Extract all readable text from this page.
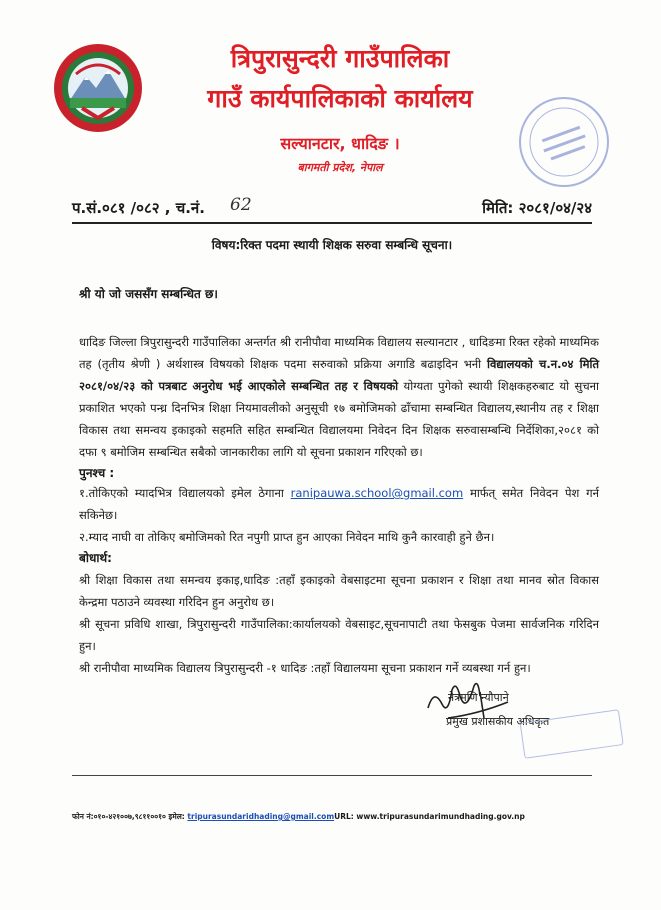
त्रिपुरासुन्दरी गाउँपालिका
गाउँ कार्यपालिकाको कार्यालय
सल्यानटार, धादिङ ।
बागमती प्रदेश, नेपाल
प.सं.०८१ /०८२ , च.नं. 62	मिति: २०८१/०४/२४
विषय:रिक्त पदमा स्थायी शिक्षक सरुवा सम्बन्धि सूचना।
श्री यो जो जससँग सम्बन्धित छ।
धादिङ जिल्ला त्रिपुरासुन्दरी गाउँपालिका अन्तर्गत श्री रानीपौवा माध्यमिक विद्यालय सल्यानटार , धादिङमा रिक्त रहेको माध्यमिक तह (तृतीय श्रेणी ) अर्थशास्त्र विषयको शिक्षक पदमा सरुवाको प्रक्रिया अगाडि बढाइदिन भनी विद्यालयको च.न.०४ मिति २०८१/०४/२३ को पत्रबाट अनुरोध भई आएकोले सम्बन्धित तह र विषयको योग्यता पुगेको स्थायी शिक्षकहरुबाट यो सुचना प्रकाशित भएको पन्ध्र दिनभित्र शिक्षा नियमावलीको अनुसूची १७ बमोजिमको ढाँचामा सम्बन्धित विद्यालय,स्थानीय तह र शिक्षा विकास तथा समन्वय इकाइको सहमति सहित सम्बन्धित विद्यालयमा निवेदन दिन शिक्षक सरुवासम्बन्धि निर्देशिका,२०८१ को दफा ९ बमोजिम सम्बन्धित सबैको जानकारीका लागि यो सूचना प्रकाशन गरिएको छ।
पुनश्च :
१.तोकिएको म्यादभित्र विद्यालयको इमेल ठेगाना ranipauwa.school@gmail.com मार्फत् समेत निवेदन पेश गर्न सकिनेछ।
२.म्याद नाघी वा तोकिए बमोजिमको रित नपुगी प्राप्त हुन आएका निवेदन माथि कुनै कारवाही हुने छैन।
बोधार्थ:
श्री शिक्षा विकास तथा समन्वय इकाइ,धादिङ :तहाँ इकाइको वेबसाइटमा सूचना प्रकाशन र शिक्षा तथा मानव स्रोत विकास केन्द्रमा पठाउने व्यवस्था गरिदिन हुन अनुरोध छ।
श्री सूचना प्रविधि शाखा, त्रिपुरासुन्दरी गाउँपालिका:कार्यालयको वेबसाइट,सूचनापाटी तथा फेसबुक पेजमा सार्वजनिक गरिदिन हुन।
श्री रानीपौवा माध्यमिक विद्यालय त्रिपुरासुन्दरी -१ धादिङ :तहाँ विद्यालयमा सूचना प्रकाशन गर्ने व्यबस्था गर्न हुन।
नेत्रमणि न्यौपाने
प्रमुख प्रशासकीय अधिकृत
फोन नं:०१०-४२१००७,९८११००१० इमेल: tripurasundaridhading@gmail.comURL: www.tripurasundarimundhading.gov.np
